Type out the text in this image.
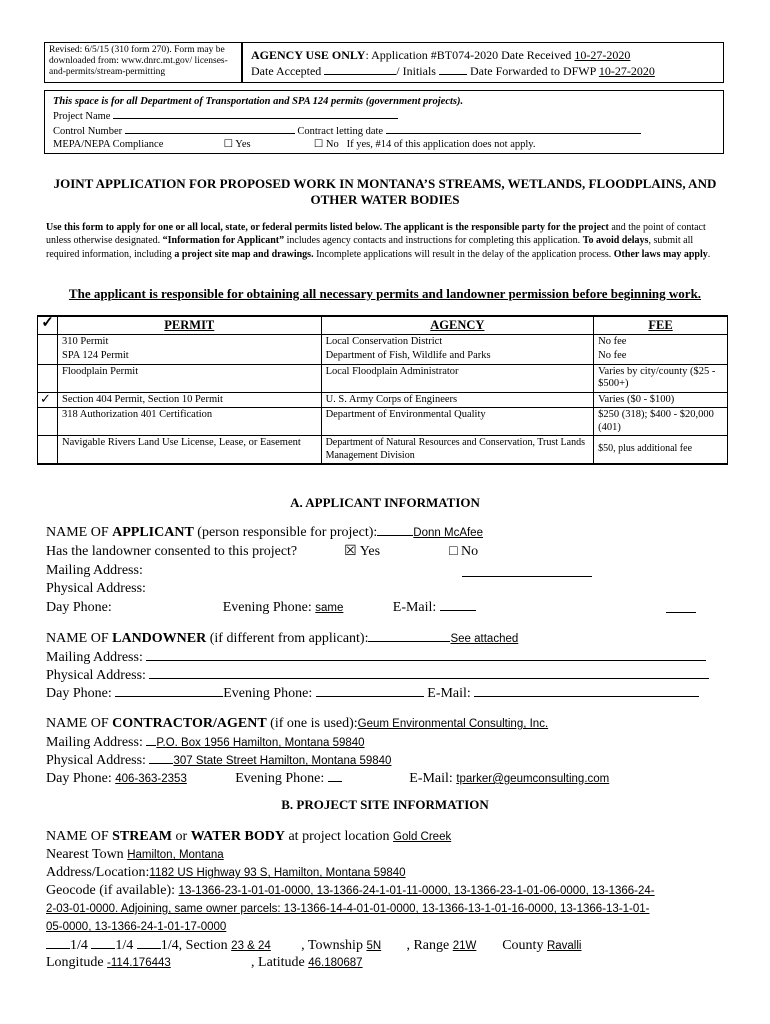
Revised: 6/5/15 (310 form 270). Form may be downloaded from: www.dnrc.mt.gov/ licenses-and-permits/stream-permitting
AGENCY USE ONLY: Application #BT074-2020 Date Received 10-27-2020
Date Accepted	/ Initials  Date Forwarded to DFWP 10-27-2020
This space is for all Department of Transportation and SPA 124 permits (government projects).
Project Name
Control Number	Contract letting date
MEPA/NEPA Compliance	☐ Yes	☐ No If yes, #14 of this application does not apply.
JOINT APPLICATION FOR PROPOSED WORK IN MONTANA’S STREAMS, WETLANDS, FLOODPLAINS, AND OTHER WATER BODIES
Use this form to apply for one or all local, state, or federal permits listed below. The applicant is the responsible party for the project and the point of contact unless otherwise designated. “Information for Applicant” includes agency contacts and instructions for completing this application. To avoid delays, submit all required information, including a project site map and drawings. Incomplete applications will result in the delay of the application process. Other laws may apply.
The applicant is responsible for obtaining all necessary permits and landowner permission before beginning work.
✓	PERMIT	AGENCY	FEE
	310 Permit	Local Conservation District	No fee
	SPA 124 Permit	Department of Fish, Wildlife and Parks	No fee
	Floodplain Permit	Local Floodplain Administrator	Varies by city/county ($25 - $500+)
✓	Section 404 Permit, Section 10 Permit	U. S. Army Corps of Engineers	Varies ($0 - $100)
	318 Authorization 401 Certification	Department of Environmental Quality	$250 (318); $400 - $20,000 (401)
	Navigable Rivers Land Use License, Lease, or Easement	Department of Natural Resources and Conservation, Trust Lands Management Division	$50, plus additional fee
A. APPLICANT INFORMATION
NAME OF APPLICANT (person responsible for project):	Donn McAfee
Has the landowner consented to this project?	☒ Yes	□ No
Mailing Address:
Physical Address:
Day Phone:	Evening Phone: same	E-Mail:
NAME OF LANDOWNER (if different from applicant):	See attached
Mailing Address:
Physical Address:
Day Phone:	Evening Phone:	E-Mail:
NAME OF CONTRACTOR/AGENT (if one is used):Geum Environmental Consulting, Inc.
Mailing Address: P.O. Box 1956 Hamilton, Montana 59840
Physical Address: 307 State Street Hamilton, Montana 59840
Day Phone: 406-363-2353	Evening Phone:	E-Mail: tparker@geumconsulting.com
B. PROJECT SITE INFORMATION
NAME OF STREAM or WATER BODY at project location Gold Creek
Nearest Town Hamilton, Montana
Address/Location:1182 US Highway 93 S, Hamilton, Montana 59840
Geocode (if available): 13-1366-23-1-01-01-0000, 13-1366-24-1-01-11-0000, 13-1366-23-1-01-06-0000, 13-1366-24-
2-03-01-0000. Adjoining, same owner parcels: 13-1366-14-4-01-01-0000, 13-1366-13-1-01-16-0000, 13-1366-13-1-01-
05-0000, 13-1366-24-1-01-17-0000
1/4 1/4 1/4, Section 23 & 24 , Township 5N , Range 21W County Ravalli
Longitude -114.176443	, Latitude 46.180687
